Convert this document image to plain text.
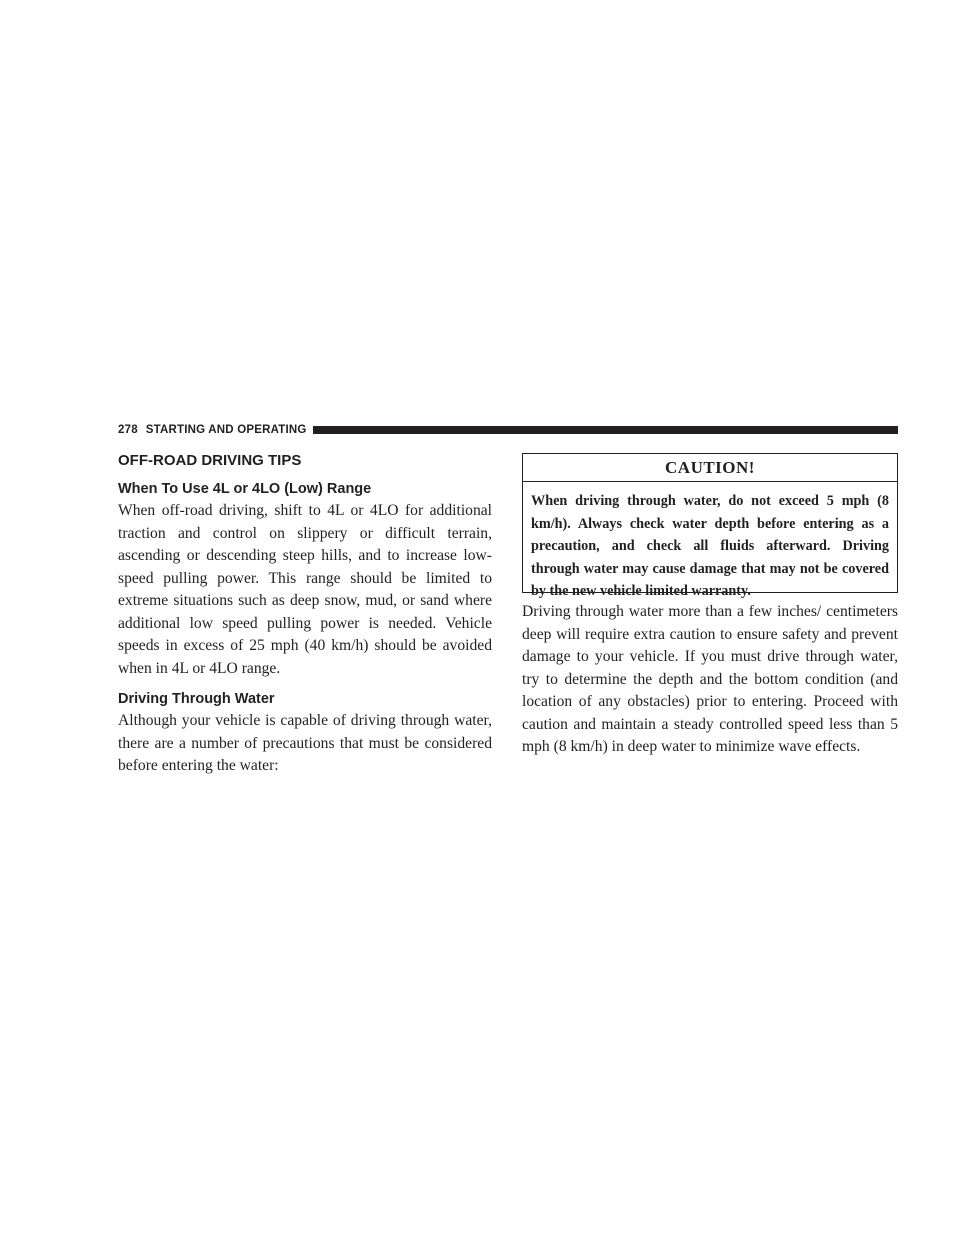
278 STARTING AND OPERATING
OFF-ROAD DRIVING TIPS
When To Use 4L or 4LO (Low) Range

When off-road driving, shift to 4L or 4LO for additional traction and control on slippery or difficult terrain, ascending or descending steep hills, and to increase low-speed pulling power. This range should be limited to extreme situations such as deep snow, mud, or sand where additional low speed pulling power is needed. Vehicle speeds in excess of 25 mph (40 km/h) should be avoided when in 4L or 4LO range.

Driving Through Water

Although your vehicle is capable of driving through water, there are a number of precautions that must be considered before entering the water:

CAUTION!

When driving through water, do not exceed 5 mph (8 km/h). Always check water depth before entering as a precaution, and check all fluids afterward. Driving through water may cause damage that may not be covered by the new vehicle limited warranty.

Driving through water more than a few inches/ centimeters deep will require extra caution to ensure safety and prevent damage to your vehicle. If you must drive through water, try to determine the depth and the bottom condition (and location of any obstacles) prior to entering. Proceed with caution and maintain a steady controlled speed less than 5 mph (8 km/h) in deep water to minimize wave effects.
